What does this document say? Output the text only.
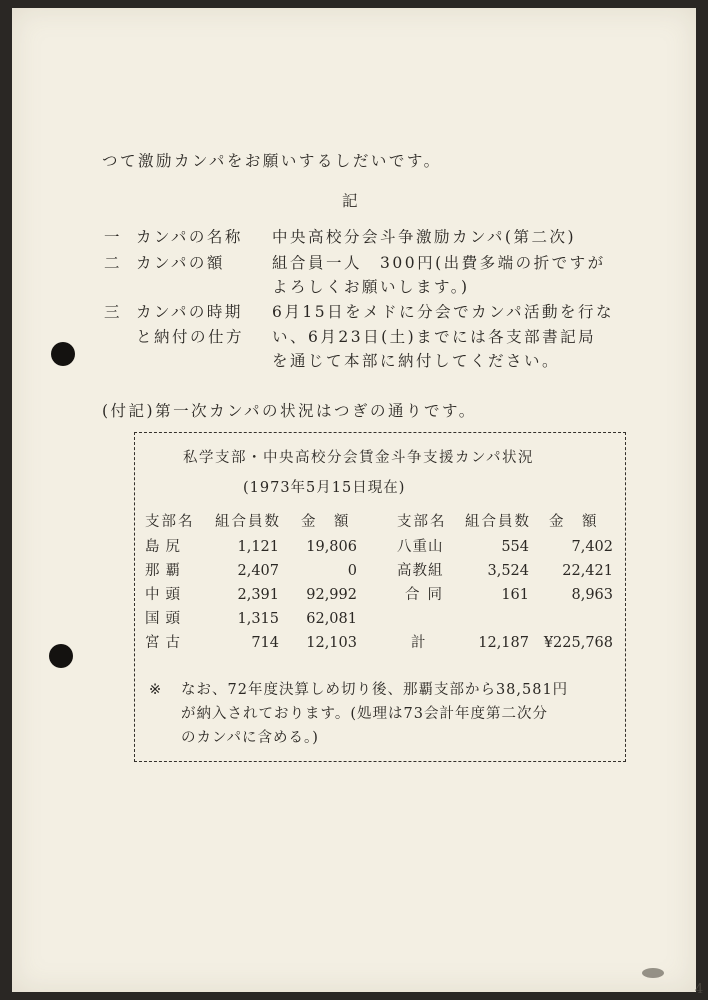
つて激励カンパをお願いするしだいです。
記
一 カンパの名称 中央高校分会斗争激励カンパ(第二次)
二 カンパの額	組合員一人　300円(出費多端の折ですが
よろしくお願いします。)
三 カンパの時期
と納付の仕方
6月15日をメドに分会でカンパ活動を行な
い、6月23日(土)までには各支部書記局
を通じて本部に納付してください。
(付記)第一次カンパの状況はつぎの通りです。
私学支部・中央高校分会賃金斗争支援カンパ状況
(1973年5月15日現在)
支部名 組合員数 金　額	支部名 組合員数 金　額
島尻	1,121	19,806	八重山	554	7,402
那覇	2,407	0	高教組	3,524	22,421
中頭	2,391	92,992	合同	161	8,963
国頭	1,315	62,081
宮古	714	12,103	計	12,187	¥225,768
※ なお、72年度決算しめ切り後、那覇支部から38,581円
が納入されております。(処理は73会計年度第二次分
のカンパに含める。)
4
